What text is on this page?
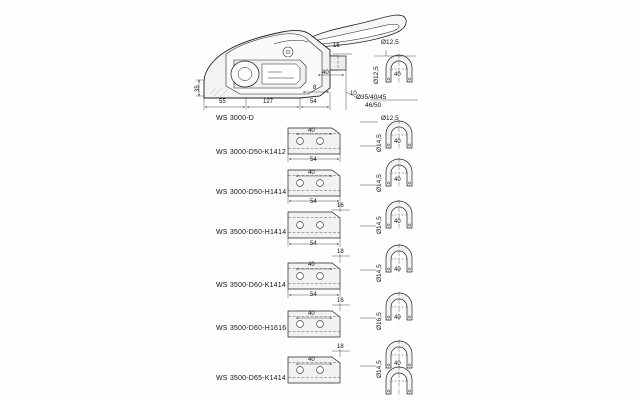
16
40
8
10
54
127
55
35
Ø12,5
Ø12,5
Ø35/40/45
46/50
40
40
40
40
40
40
40
WS 3000-D
WS 3000-D50-K1412
WS 3000-D50-H1414
WS 3500-D60-H1414
WS 3500-D60-K1414
WS 3500-D60-H1616
WS 3500-D65-K1414
Ø12,5
Ø14,5
Ø14,5
Ø14,5
Ø14,5
Ø16,5
Ø14,5
40
54
40
54
16
54
18
40
54
16
40
18
40
